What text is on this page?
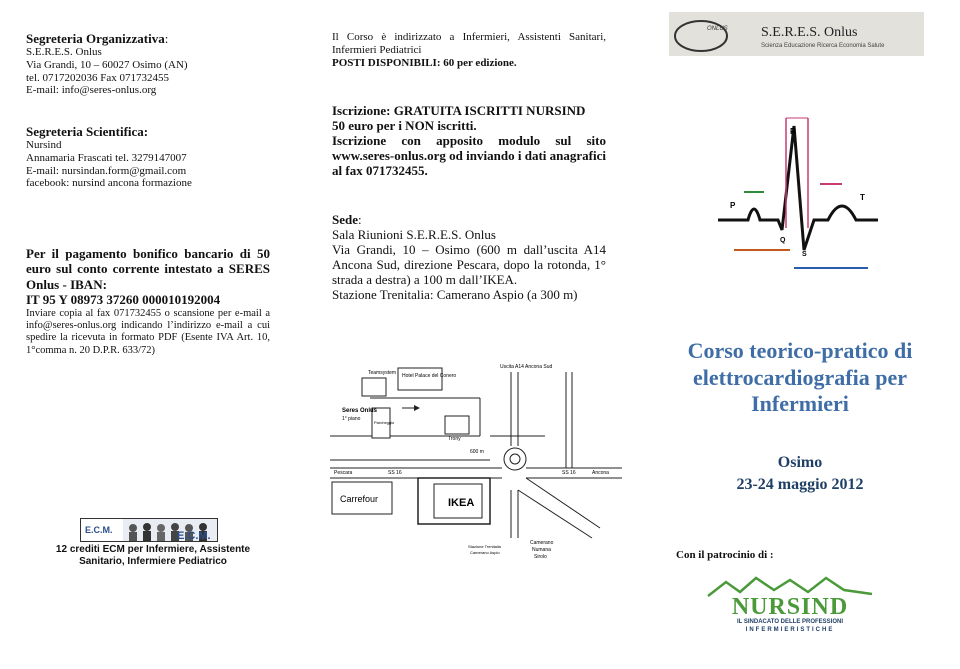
Segreteria Organizzativa:
S.E.R.E.S. Onlus
Via Grandi, 10 – 60027 Osimo (AN)
tel. 0717202036 Fax 071732455
E-mail: info@seres-onlus.org
Segreteria Scientifica:
Nursind
Annamaria Frascati tel. 3279147007
E-mail: nursindan.form@gmail.com
facebook: nursind ancona formazione
Per il pagamento bonifico bancario di 50 euro sul conto corrente intestato a SERES Onlus - IBAN:
IT 95 Y 08973 37260 000010192004
Inviare copia al fax 071732455 o scansione per e-mail a info@seres-onlus.org indicando l’indirizzo e-mail a cui spedire la ricevuta in formato PDF (Esente IVA Art. 10, 1°comma n. 20 D.P.R. 633/72)
E.C.M.	E.C.M.
12 crediti ECM per Infermiere, Assistente
Sanitario, Infermiere Pediatrico
Il Corso è indirizzato a Infermieri, Assistenti Sanitari, Infermieri Pediatrici
POSTI DISPONIBILI: 60 per edizione.
Iscrizione: GRATUITA ISCRITTI NURSIND
50 euro per i NON iscritti.
Iscrizione con apposito modulo sul sito www.seres-onlus.org od inviando i dati anagrafici al fax 071732455.
Sede:
Sala Riunioni S.E.R.E.S. Onlus
Via Grandi, 10 – Osimo (600 m dall’uscita A14 Ancona Sud, direzione Pescara, dopo la rotonda, 1° strada a destra) a 100 m dall’IKEA.
Stazione Trenitalia: Camerano Aspio (a 300 m)
Teamsystem Hotel Palace del Conero
Parcheggio
Seres Onlus
1° piano
Trony
Uscita A14 Ancona Sud
600 m
Pescara	SS 16	SS 16	Ancona
Carrefour	IKEA
Stazione Trenitalia
Camerano Aspio
Camerano
Numana
Sirolo
ONLUS S.E.R.E.S. Onlus
Scienza Educazione Ricerca Economia Salute
R
P
Q
S
T
Corso teorico-pratico di
elettrocardiografia per
Infermieri
Osimo
23-24 maggio 2012
Con il patrocinio di :
NURSIND
IL SINDACATO DELLE PROFESSIONI
INFERMIERISTICHE
